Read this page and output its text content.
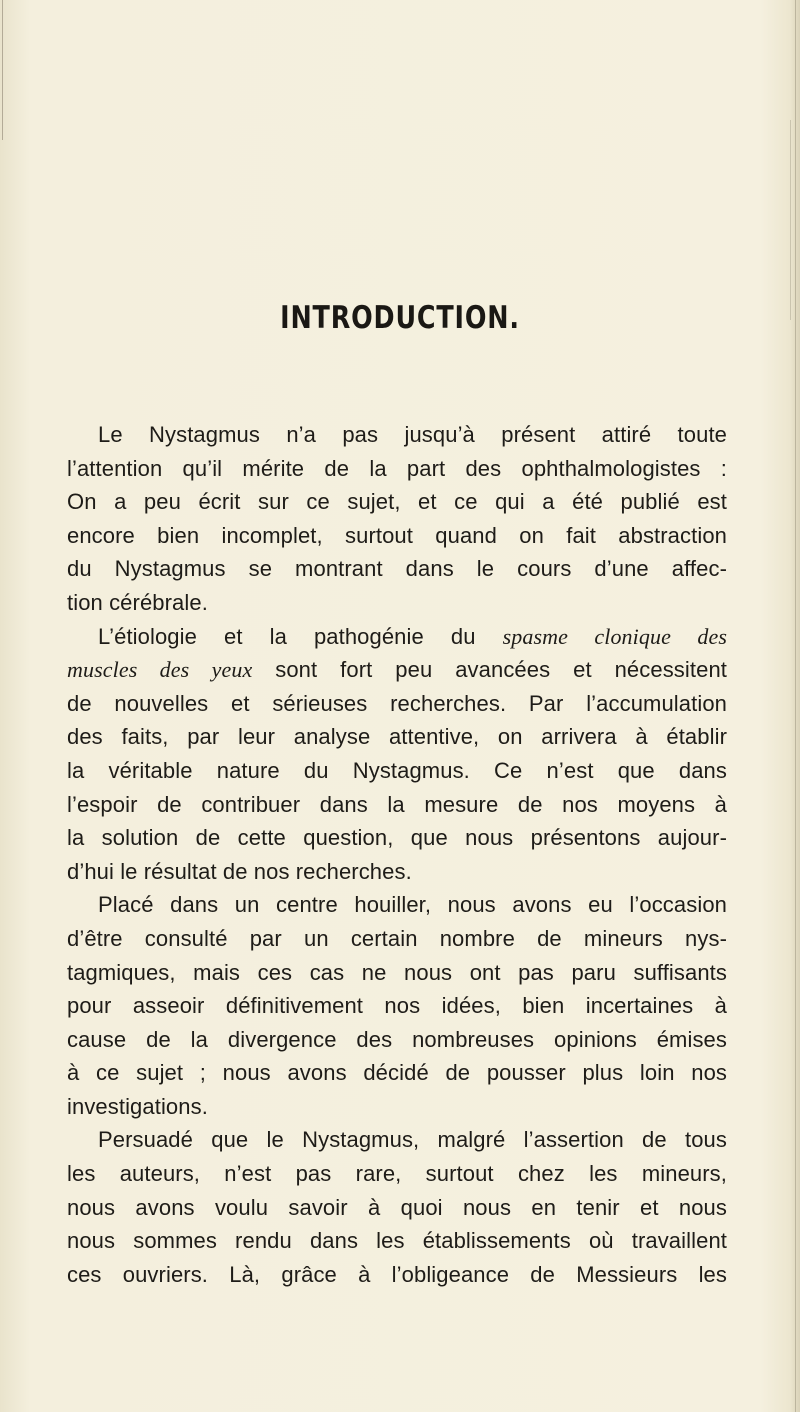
INTRODUCTION.
Le Nystagmus n’a pas jusqu’à présent attiré toute
l’attention qu’il mérite de la part des ophthalmologistes :
On a peu écrit sur ce sujet, et ce qui a été publié est
encore bien incomplet, surtout quand on fait abstraction
du Nystagmus se montrant dans le cours d’une affec-
tion cérébrale.
L’étiologie et la pathogénie du spasme clonique des
muscles des yeux sont fort peu avancées et nécessitent
de nouvelles et sérieuses recherches. Par l’accumulation
des faits, par leur analyse attentive, on arrivera à établir
la véritable nature du Nystagmus. Ce n’est que dans
l’espoir de contribuer dans la mesure de nos moyens à
la solution de cette question, que nous présentons aujour-
d’hui le résultat de nos recherches.
Placé dans un centre houiller, nous avons eu l’occasion
d’être consulté par un certain nombre de mineurs nys-
tagmiques, mais ces cas ne nous ont pas paru suffisants
pour asseoir définitivement nos idées, bien incertaines à
cause de la divergence des nombreuses opinions émises
à ce sujet ; nous avons décidé de pousser plus loin nos
investigations.
Persuadé que le Nystagmus, malgré l’assertion de tous
les auteurs, n’est pas rare, surtout chez les mineurs,
nous avons voulu savoir à quoi nous en tenir et nous
nous sommes rendu dans les établissements où travaillent
ces ouvriers. Là, grâce à l’obligeance de Messieurs les
